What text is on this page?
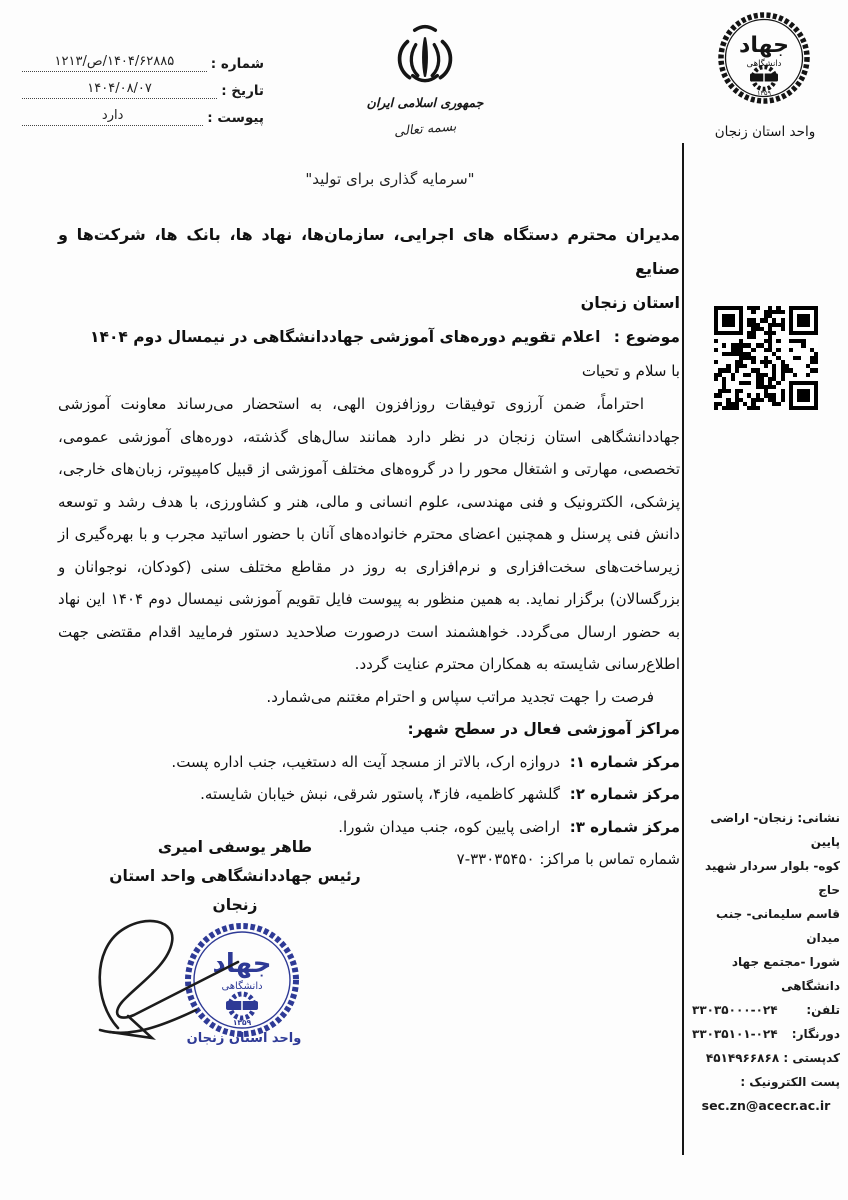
شماره :
۱۴۰۴/۶۲۸۸۵/ص/۱۲۱۳
تاریخ :
۱۴۰۴/۰۸/۰۷
پیوست :
دارد
جمهوری اسلامی ایران
بسمه تعالی
"سرمایه گذاری برای تولید"
جهاد
دانشگاهی
۱۳۵۹
واحد استان زنجان
مدیران محترم دستگاه های اجرایی، سازمان‌ها، نهاد ها، بانک ها، شرکت‌ها و صنایع
استان زنجان
موضوع : اعلام تقویم دوره‌های آموزشی جهاددانشگاهی در نیمسال دوم ۱۴۰۴
با سلام و تحیات

احتراماً، ضمن آرزوی توفیقات روزافزون الهی، به استحضار می‌رساند معاونت آموزشی جهاددانشگاهی استان زنجان در نظر دارد همانند سال‌های گذشته، دوره‌های آموزشی عمومی، تخصصی، مهارتی و اشتغال محور را در گروه‌های مختلف آموزشی از قبیل کامپیوتر، زبان‌های خارجی، پزشکی، الکترونیک و فنی مهندسی، علوم انسانی و مالی، هنر و کشاورزی، با هدف رشد و توسعه دانش فنی پرسنل و همچنین اعضای محترم خانواده‌های آنان با حضور اساتید مجرب و با بهره‌گیری از زیرساخت‌های سخت‌افزاری و نرم‌افزاری به روز در مقاطع مختلف سنی (کودکان، نوجوانان و بزرگسالان) برگزار نماید. به همین منظور به پیوست فایل تقویم آموزشی نیمسال دوم ۱۴۰۴ این نهاد به حضور ارسال می‌گردد. خواهشمند است درصورت صلاحدید دستور فرمایید اقدام مقتضی جهت اطلاع‌رسانی شایسته به همکاران محترم عنایت گردد.

فرصت را جهت تجدید مراتب سپاس و احترام مغتنم می‌شمارد.
مراکز آموزشی فعال در سطح شهر:
مرکز شماره ۱: دروازه ارک، بالاتر از مسجد آیت اله دستغیب، جنب اداره پست.
مرکز شماره ۲: گلشهر کاظمیه، فاز۴، پاستور شرقی، نبش خیابان شایسته.
مرکز شماره ۳: اراضی پایین کوه، جنب میدان شورا.
شماره تماس با مراکز: ۳۳۰۳۵۴۵۰-۷
طاهر یوسفی امیری
رئیس جهاددانشگاهی واحد استان
زنجان
جهاد
دانشگاهی
۱۳۵۹
واحد استان زنجان
نشانی: زنجان- اراضی پایین
کوه- بلوار سردار شهید حاج
قاسم سلیمانی- جنب میدان
شورا -مجتمع جهاد دانشگاهی
تلفن:
۳۳۰۳۵۰۰۰-۰۲۴
دورنگار:
۳۳۰۳۵۱۰۱-۰۲۴
کدپستی : ۴۵۱۴۹۶۶۸۶۸
پست الکترونیک :
sec.zn@acecr.ac.ir
